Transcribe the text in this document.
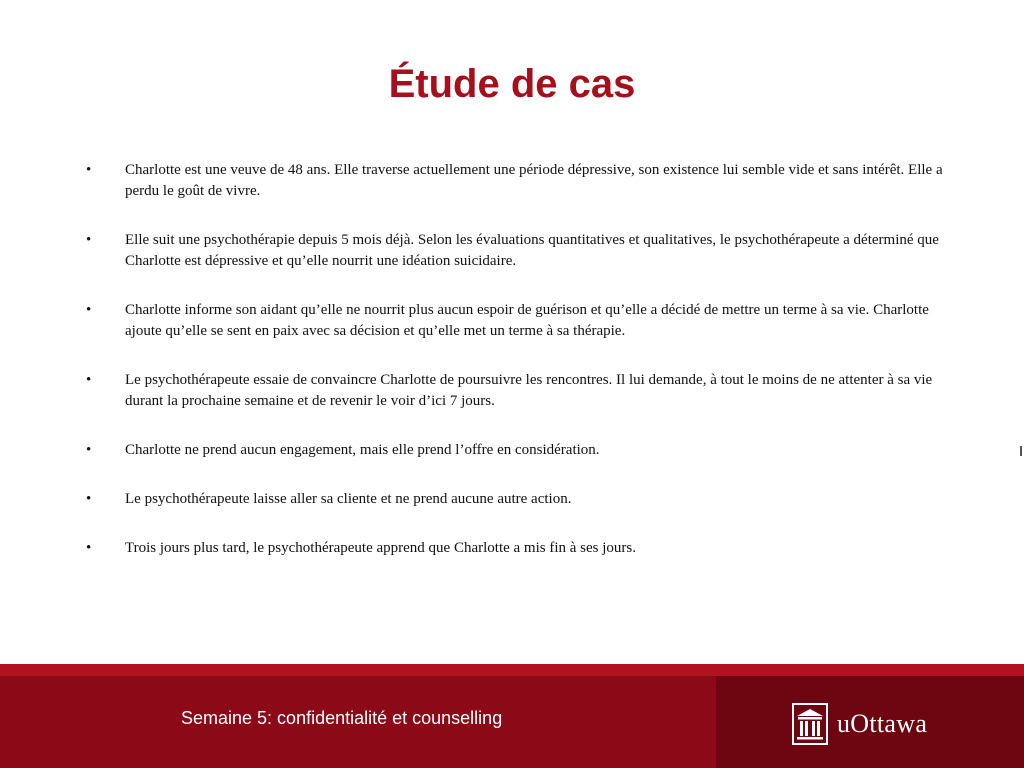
Étude de cas
• Charlotte est une veuve de 48 ans. Elle traverse actuellement une période dépressive, son existence lui semble vide et sans intérêt. Elle a perdu le goût de vivre.
• Elle suit une psychothérapie depuis 5 mois déjà. Selon les évaluations quantitatives et qualitatives, le psychothérapeute a déterminé que Charlotte est dépressive et qu’elle nourrit une idéation suicidaire.
• Charlotte informe son aidant qu’elle ne nourrit plus aucun espoir de guérison et qu’elle a décidé de mettre un terme à sa vie. Charlotte ajoute qu’elle se sent en paix avec sa décision et qu’elle met un terme à sa thérapie.
• Le psychothérapeute essaie de convaincre Charlotte de poursuivre les rencontres. Il lui demande, à tout le moins de ne attenter à sa vie durant la prochaine semaine et de revenir le voir d’ici 7 jours.
• Charlotte ne prend aucun engagement, mais elle prend l’offre en considération.
• Le psychothérapeute laisse aller sa cliente et ne prend aucune autre action.
• Trois jours plus tard, le psychothérapeute apprend que Charlotte a mis fin à ses jours.
Semaine 5: confidentialité et counselling	uOttawa
